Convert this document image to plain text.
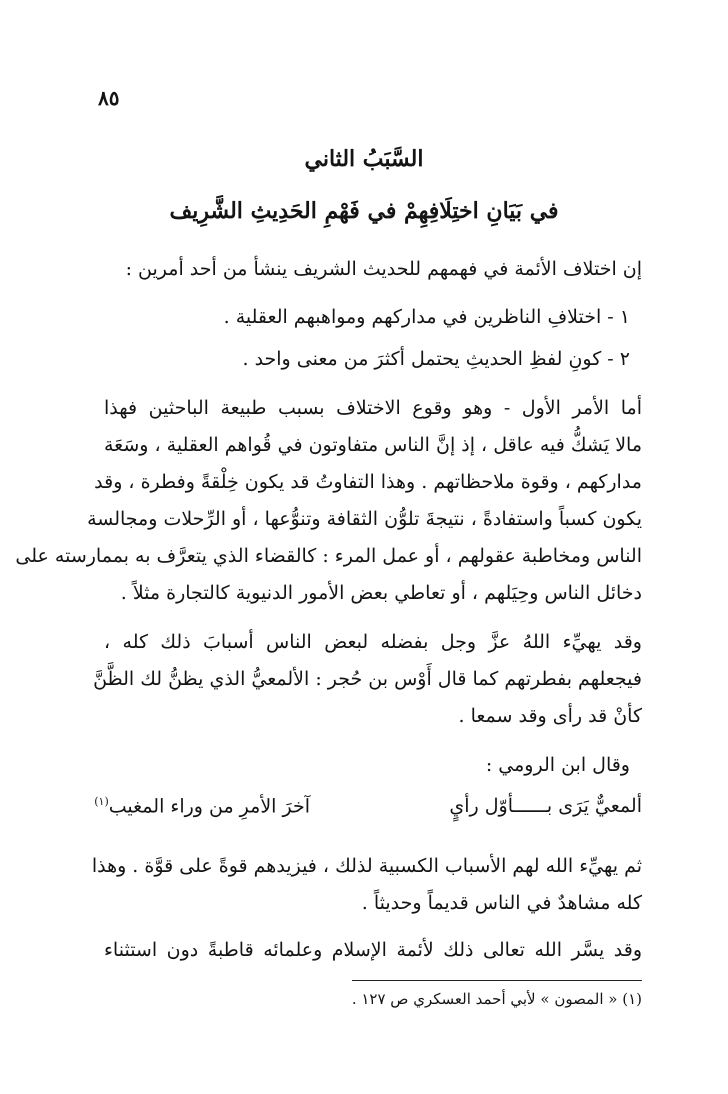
٨٥
السَّبَبُ الثاني
في بَيَانِ اختِلَافِهِمْ في فَهْمِ الحَدِيثِ الشَّرِيف
إن اختلاف الأئمة في فهمهم للحديث الشريف ينشأ من أحد أمرين :
١ - اختلافِ الناظرين في مداركهم ومواهبهم العقلية .
٢ - كونِ لفظِ الحديثِ يحتمل أكثرَ من معنى واحد .
أما الأمر الأول - وهو وقوع الاختلاف بسبب طبيعة الباحثين فهذا
مالا يَشكُّ فيه عاقل ، إذ إنَّ الناس متفاوتون في قُواهم العقلية ، وسَعَة
مداركهم ، وقوة ملاحظاتهم . وهذا التفاوتُ قد يكون خِلْقةً وفطرة ، وقد
يكون كسباً واستفادةً ، نتيجةَ تلوُّن الثقافة وتنوُّعها ، أو الرِّحلات ومجالسة
الناس ومخاطبة عقولهم ، أو عمل المرء : كالقضاء الذي يتعرَّف به بممارسته على
دخائل الناس وحِيَلهم ، أو تعاطي بعض الأمور الدنيوية كالتجارة مثلاً .
وقد يهيِّء اللهُ عزَّ وجل بفضله لبعض الناس أسبابَ ذلك كله ،
فيجعلهم بفطرتهم كما قال أَوْس بن حُجر : الألمعيُّ الذي يظنُّ لك الظَّنَّ
كأنْ قد رأى وقد سمعا .
وقال ابن الرومي :
ألمعيٌّ يَرَى بــــــأوّل رأيٍ
آخرَ الأمرِ من وراء المغيب$^{(١)}$
ثم يهيِّء الله لهم الأسباب الكسبية لذلك ، فيزيدهم قوةً على قوَّة . وهذا
كله مشاهدٌ في الناس قديماً وحديثاً .
وقد يسَّر الله تعالى ذلك لأئمة الإسلام وعلمائه قاطبةً دون استثناء
(١) « المصون » لأبي أحمد العسكري ص ١٢٧ .
